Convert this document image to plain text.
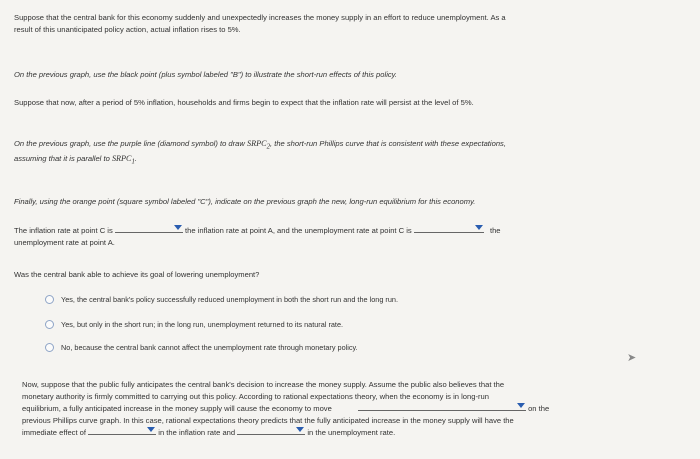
Suppose that the central bank for this economy suddenly and unexpectedly increases the money supply in an effort to reduce unemployment. As a
result of this unanticipated policy action, actual inflation rises to 5%.
On the previous graph, use the black point (plus symbol labeled "B") to illustrate the short-run effects of this policy.
Suppose that now, after a period of 5% inflation, households and firms begin to expect that the inflation rate will persist at the level of 5%.
On the previous graph, use the purple line (diamond symbol) to draw $SRPC_2$, the short-run Phillips curve that is consistent with these expectations,
assuming that it is parallel to $SRPC_1$.
Finally, using the orange point (square symbol labeled "C"), indicate on the previous graph the new, long-run equilibrium for this economy.
The inflation rate at point C is	the inflation rate at point A, and the unemployment rate at point C is	the
unemployment rate at point A.
Was the central bank able to achieve its goal of lowering unemployment?
Yes, the central bank's policy successfully reduced unemployment in both the short run and the long run.
Yes, but only in the short run; in the long run, unemployment returned to its natural rate.
No, because the central bank cannot affect the unemployment rate through monetary policy.
➤
Now, suppose that the public fully anticipates the central bank's decision to increase the money supply. Assume the public also believes that the
monetary authority is firmly committed to carrying out this policy. According to rational expectations theory, when the economy is in long-run
equilibrium, a fully anticipated increase in the money supply will cause the economy to move	on the
previous Phillips curve graph. In this case, rational expectations theory predicts that the fully anticipated increase in the money supply will have the
immediate effect of	in the inflation rate and	in the unemployment rate.
